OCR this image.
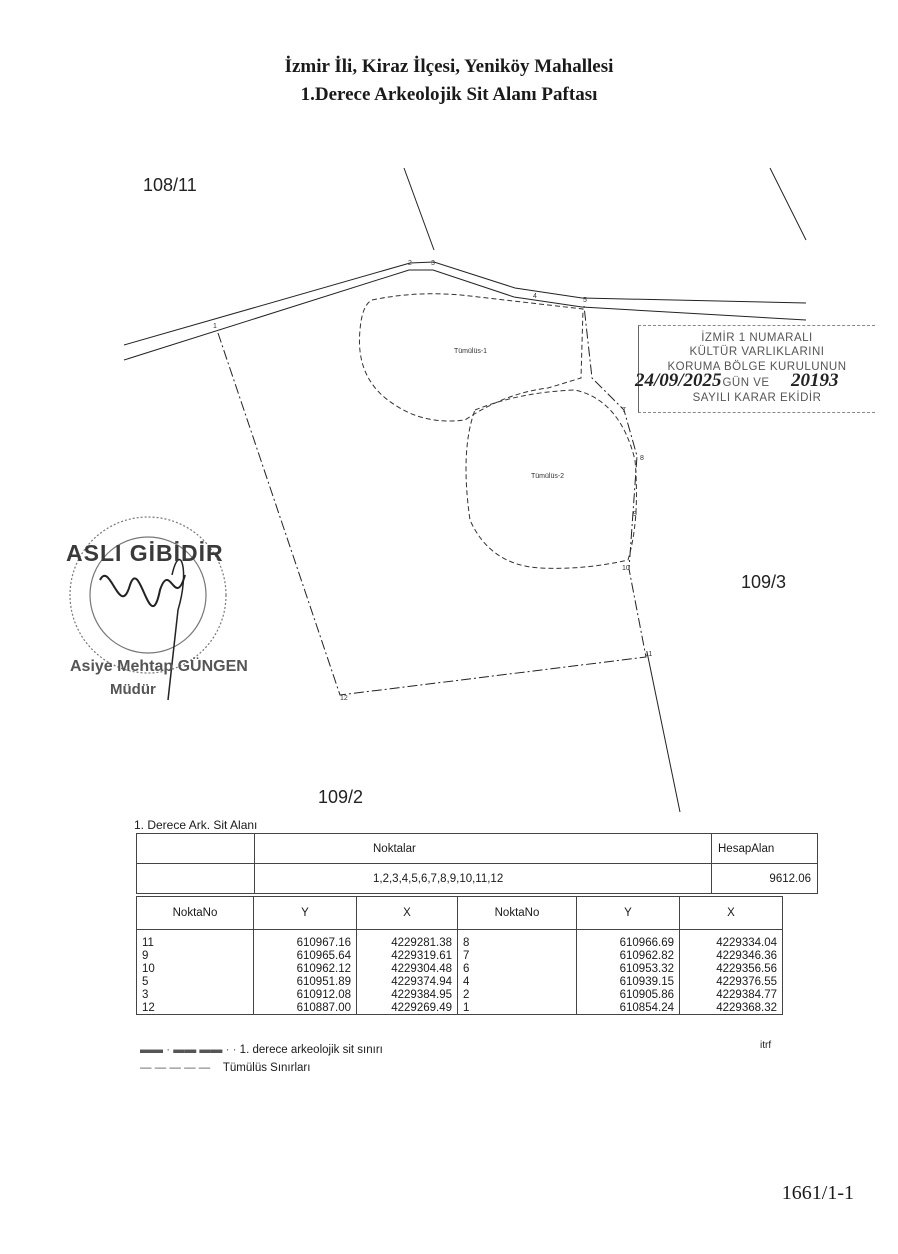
İzmir İli, Kiraz İlçesi, Yeniköy Mahallesi
1.Derece Arkeolojik Sit Alanı Paftası
108/11
109/3
109/2
Tümülüs-1
Tümülüs-2
1
2	3
4
5
7
8
9
10
11
12
İZMİR 1 NUMARALI
KÜLTÜR VARLIKLARINI
KORUMA BÖLGE KURULUNUN
GÜN VE
SAYILI KARAR EKİDİR
24/09/2025	20193
ASLI GİBİDİR
Asiye Mehtap GÜNGEN
Müdür
1. Derece Ark. Sit Alanı
	Noktalar	HesapAlan
	1,2,3,4,5,6,7,8,9,10,11,12	9612.06
NoktaNo	Y	X	NoktaNo	Y	X
11	610967.16	4229281.38	8	610966.69	4229334.04
9	610965.64	4229319.61	7	610962.82	4229346.36
10	610962.12	4229304.48	6	610953.32	4229356.56
5	610951.89	4229374.94	4	610939.15	4229376.55
3	610912.08	4229384.95	2	610905.86	4229384.77
12	610887.00	4229269.49	1	610854.24	4229368.32
▬▬ · ▬▬ ▬▬ · · 1. derece arkeolojik sit sınırı
— — — — —    Tümülüs Sınırları
itrf
1661/1-1
